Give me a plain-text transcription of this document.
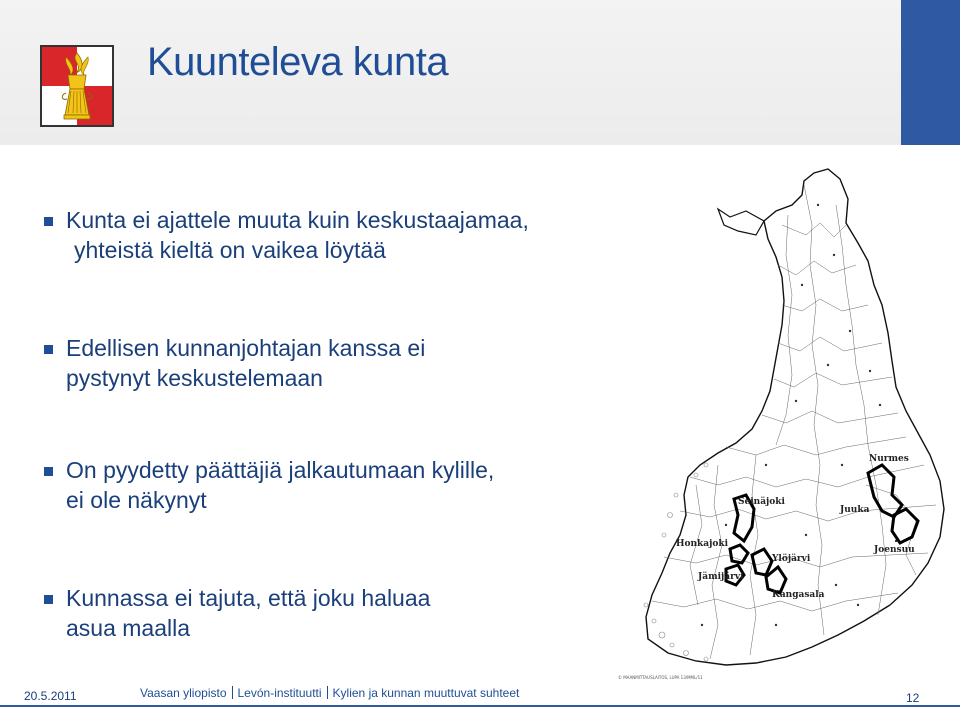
Kuunteleva kunta
Kunta ei ajattele muuta kuin keskustaajamaa,
yhteistä kieltä on vaikea löytää
Edellisen kunnanjohtajan kanssa ei
pystynyt keskustelemaan
On pyydetty päättäjiä jalkautumaan kylille,
ei ole näkynyt
Kunnassa ei tajuta, että joku haluaa
asua maalla
Nurmes
Seinäjoki
Juuka
Honkajoki
Ylöjärvi
Joensuu
Jämijärvi
Kangasala
© MAANMITTAUSLAITOS, LUPA 13/MML/11
20.5.2011	Vaasan yliopisto Levón-instituutti Kylien ja kunnan muuttuvat suhteet	12
